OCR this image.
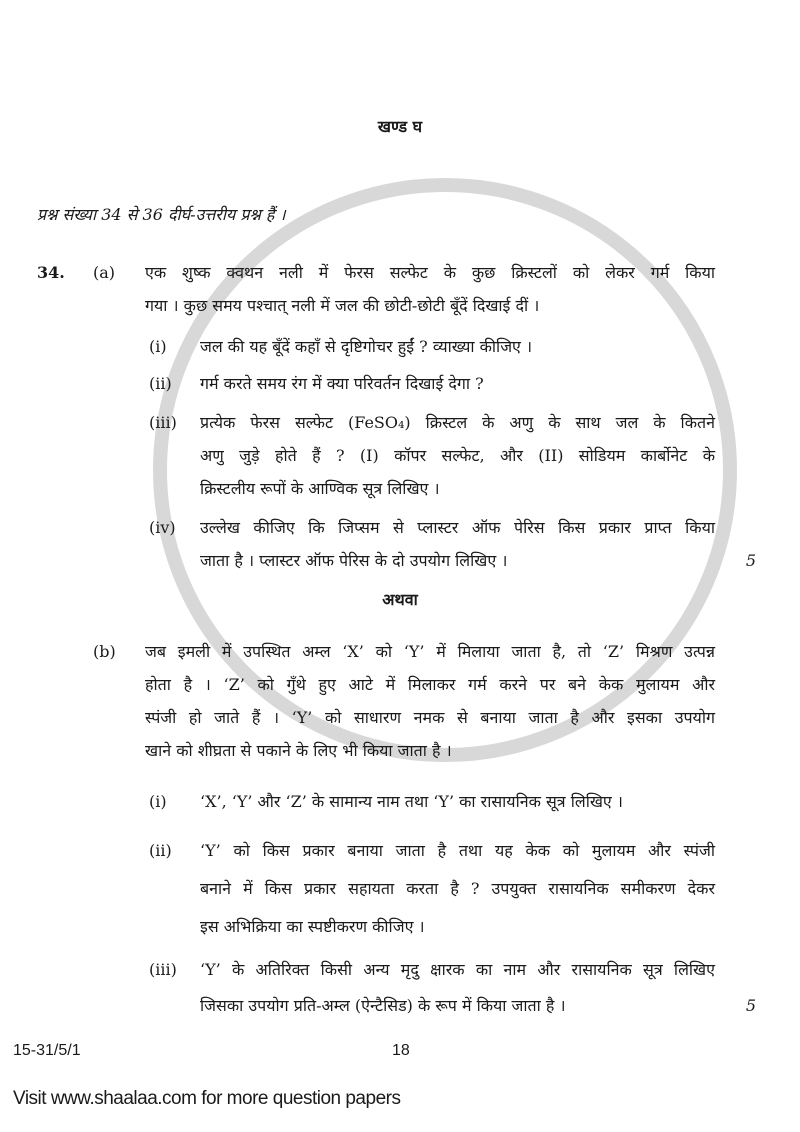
खण्ड घ
प्रश्न संख्या 34 से 36 दीर्घ-उत्तरीय प्रश्न हैं ।
34. (a) एक शुष्क क्वथन नली में फेरस सल्फेट के कुछ क्रिस्टलों को लेकर गर्म किया
गया । कुछ समय पश्चात् नली में जल की छोटी-छोटी बूँदें दिखाई दीं ।
(i) जल की यह बूँदें कहाँ से दृष्टिगोचर हुईं ? व्याख्या कीजिए ।
(ii) गर्म करते समय रंग में क्या परिवर्तन दिखाई देगा ?
(iii) प्रत्येक फेरस सल्फेट (FeSO₄) क्रिस्टल के अणु के साथ जल के कितने
अणु जुड़े होते हैं ? (I) कॉपर सल्फेट, और (II) सोडियम कार्बोनेट के
क्रिस्टलीय रूपों के आण्विक सूत्र लिखिए ।
(iv) उल्लेख कीजिए कि जिप्सम से प्लास्टर ऑफ पेरिस किस प्रकार प्राप्त किया
जाता है । प्लास्टर ऑफ पेरिस के दो उपयोग लिखिए ।	5
अथवा
(b) जब इमली में उपस्थित अम्ल ‘X’ को ‘Y’ में मिलाया जाता है, तो ‘Z’ मिश्रण उत्पन्न
होता है । ‘Z’ को गुँथे हुए आटे में मिलाकर गर्म करने पर बने केक मुलायम और
स्पंजी हो जाते हैं । ‘Y’ को साधारण नमक से बनाया जाता है और इसका उपयोग
खाने को शीघ्रता से पकाने के लिए भी किया जाता है ।
(i) ‘X’, ‘Y’ और ‘Z’ के सामान्य नाम तथा ‘Y’ का रासायनिक सूत्र लिखिए ।
(ii) ‘Y’ को किस प्रकार बनाया जाता है तथा यह केक को मुलायम और स्पंजी
बनाने में किस प्रकार सहायता करता है ? उपयुक्त रासायनिक समीकरण देकर
इस अभिक्रिया का स्पष्टीकरण कीजिए ।
(iii) ‘Y’ के अतिरिक्त किसी अन्य मृदु क्षारक का नाम और रासायनिक सूत्र लिखिए
जिसका उपयोग प्रति-अम्ल (ऐन्टैसिड) के रूप में किया जाता है ।	5
15-31/5/1	18
Visit www.shaalaa.com for more question papers
